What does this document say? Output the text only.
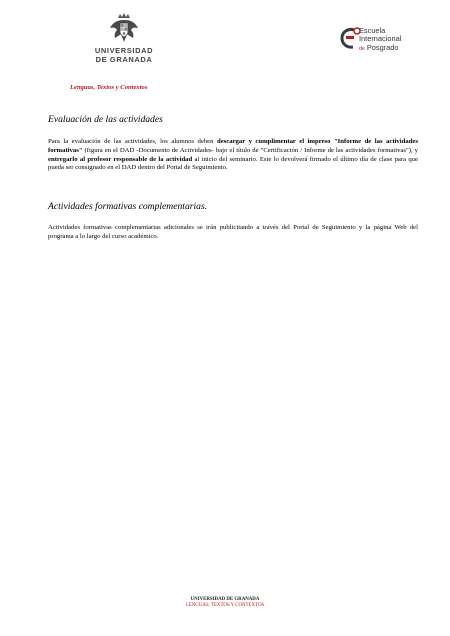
UNIVERSIDAD
DE GRANADA
Lenguas, Textos y Contextos
Escuela
Internacional
de Posgrado
Evaluación de las actividades
Para la evaluación de las actividades, los alumnos deben descargar y cumplimentar el impreso "Informe de las actividades formativas" (figura en el DAD -Documento de Actividades- bajo el título de "Certificación / Informe de las actividades formativas"), y entregarlo al profesor responsable de la actividad al inicio del seminario. Este lo devolverá firmado el último día de clase para que pueda ser consignado en el DAD dentro del Portal de Seguimiento.
Actividades formativas complementarias.
Actividades formativas complementarias adicionales se irán publicitando a través del Portal de Seguimiento y la página Web del programa a lo largo del curso académico.
UNIVERSIDAD DE GRANADA
LENGUAS, TEXTOS Y CONTEXTOS
